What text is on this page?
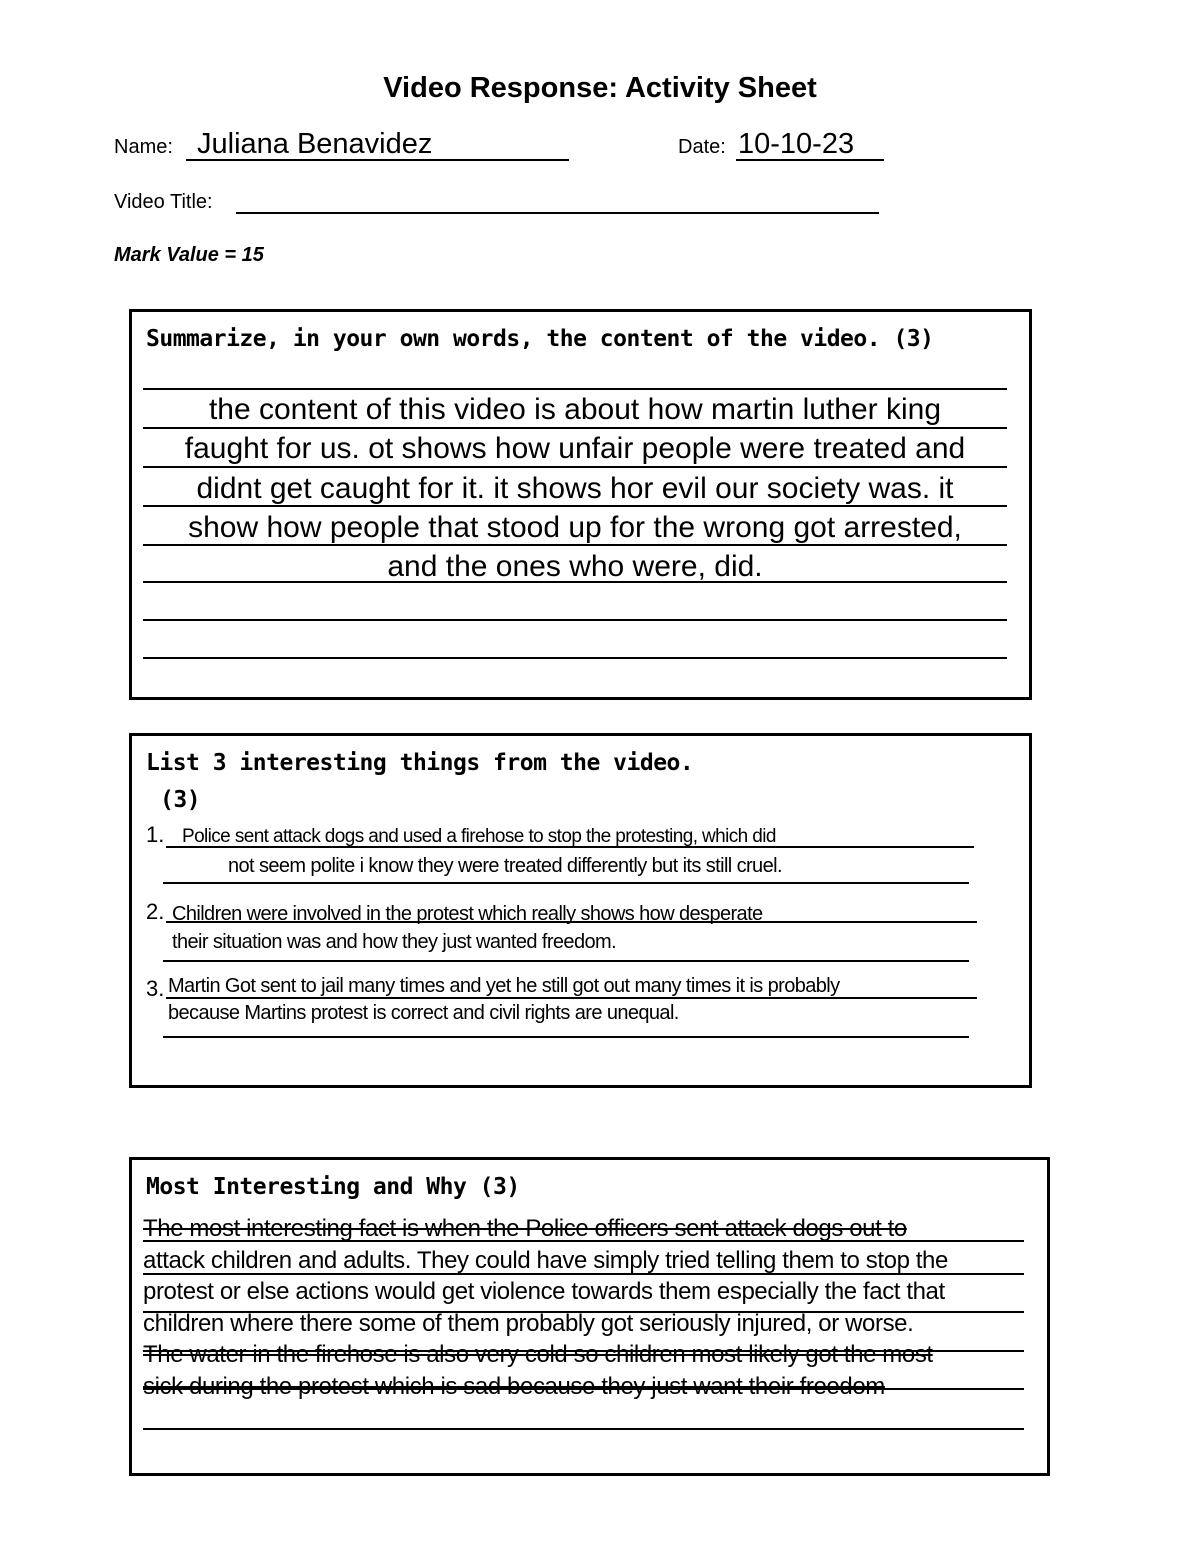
Video Response: Activity Sheet
Name: Juliana Benavidez	Date: 10-10-23
Video Title:
Mark Value = 15
Summarize, in your own words, the content of the video. (3)
the content of this video is about how martin luther king
faught for us. ot shows how unfair people were treated and
didnt get caught for it. it shows hor evil our society was. it
show how people that stood up for the wrong got arrested,
and the ones who were, did.
List 3 interesting things from the video.
(3)
1. Police sent attack dogs and used a firehose to stop the protesting, which did
not seem polite i know they were treated differently but its still cruel.
2. Children were involved in the protest which really shows how desperate
their situation was and how they just wanted freedom.
3. Martin Got sent to jail many times and yet he still got out many times it is probably
because Martins protest is correct and civil rights are unequal.
Most Interesting and Why (3)
The most interesting fact is when the Police officers sent attack dogs out to
attack children and adults. They could have simply tried telling them to stop the
protest or else actions would get violence towards them especially the fact that
children where there some of them probably got seriously injured, or worse.
The water in the firehose is also very cold so children most likely got the most
sick during the protest which is sad because they just want their freedom
